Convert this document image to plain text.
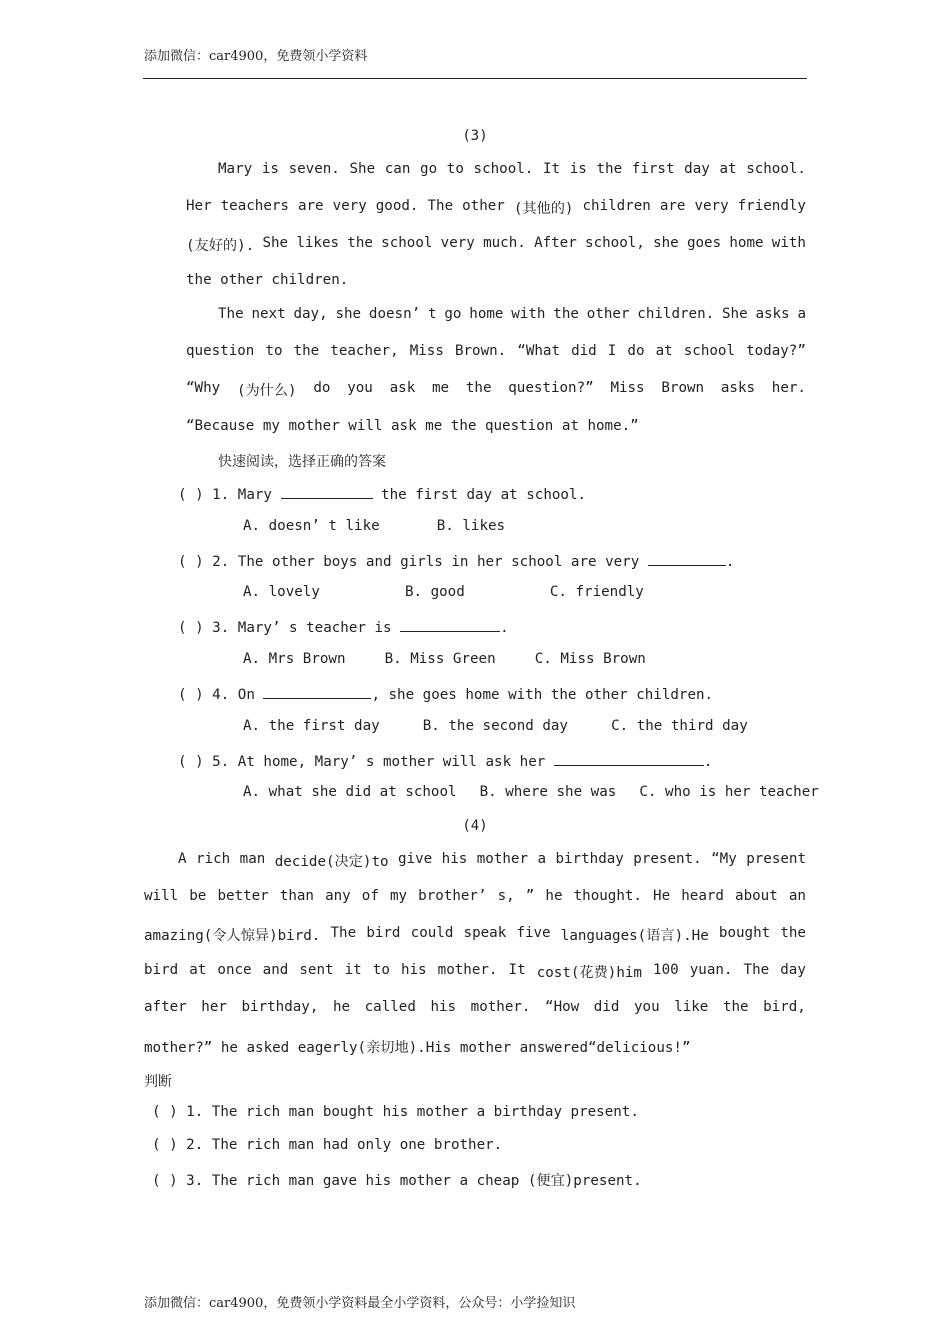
添加微信：car4900，免费领小学资料
(3)
Mary is seven. She can go to school. It is the first day at school.
Her teachers are very good. The other (其他的) children are very friendly
(友好的). She likes the school very much. After school, she goes home with
the other children.
The next day, she doesn’ t go home with the other children. She asks a
question to the teacher, Miss Brown. “What did I do at school today?”
“Why (为什么) do you ask me the question?” Miss Brown asks her.
“Because my mother will ask me the question at home.”
快速阅读，选择正确的答案
( ) 1. Mary	the first day at school.
A. doesn’ t like	B. likes
( ) 2. The other boys and girls in her school are very	.
A. lovely	B. good	C. friendly
( ) 3. Mary’ s teacher is	.
A. Mrs Brown	B. Miss Green	C. Miss Brown
( ) 4. On	, she goes home with the other children.
A. the first day	B. the second day	C. the third day
( ) 5. At home, Mary’ s mother will ask her	.
A. what she did at school B. where she was C. who is her teacher
(4)
A rich man decide(决定)to give his mother a birthday present. “My present
will be better than any of my brother’ s, ” he thought. He heard about an
amazing(令人惊异)bird. The bird could speak five languages(语言).He bought the
bird at once and sent it to his mother. It cost(花费)him 100 yuan. The day
after her birthday, he called his mother. “How did you like the bird,
mother?” he asked eagerly(亲切地).His mother answered“delicious!”
判断
( ) 1. The rich man bought his mother a birthday present.
( ) 2. The rich man had only one brother.
( ) 3. The rich man gave his mother a cheap (便宜)present.
添加微信：car4900，免费领小学资料最全小学资料，公众号：小学捡知识
